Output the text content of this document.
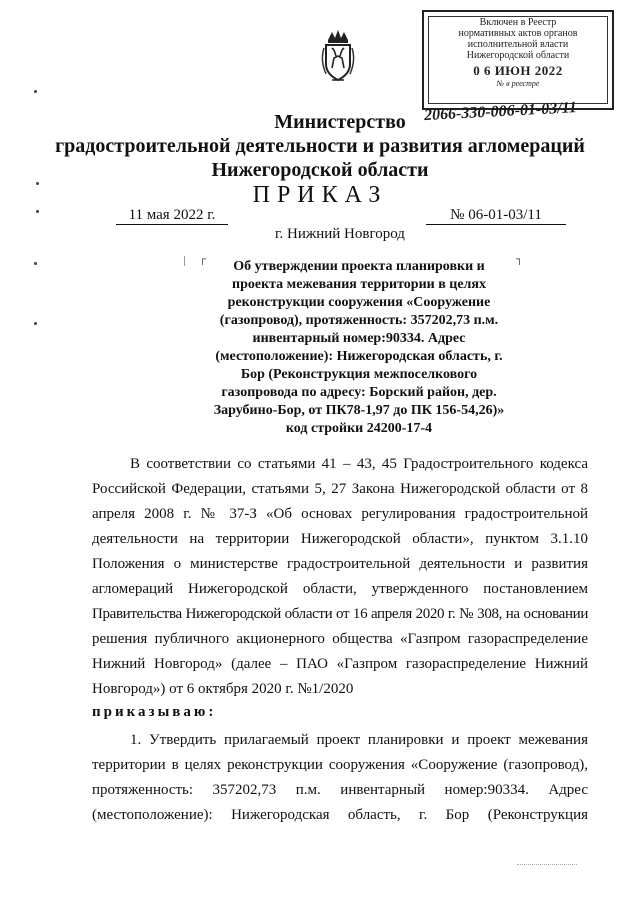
Включен в Реестр
нормативных актов органов
исполнительной власти
Нижегородской области
0 6 ИЮН 2022
№ в реестре
2066-330-006-01-03/11
Министерство
градостроительной деятельности и развития агломераций
Нижегородской области
ПРИКАЗ
11 мая 2022 г.	№ 06-01-03/11
г. Нижний Новгород
┌	┐
Об утверждении проекта планировки и
проекта межевания территории в целях
реконструкции сооружения «Сооружение
(газопровод), протяженность: 357202,73 п.м.
инвентарный номер:90334. Адрес
(местоположение): Нижегородская область, г.
Бор (Реконструкция межпоселкового
газопровода по адресу: Борский район, дер.
Зарубино-Бор, от ПК78-1,97 до ПК 156-54,26)»
код стройки 24200-17-4
В соответствии со статьями 41 – 43, 45 Градостроительного кодекса
Российской Федерации, статьями 5, 27 Закона Нижегородской области от 8
апреля 2008 г. № 37-З «Об основах регулирования градостроительной
деятельности на территории Нижегородской области», пунктом 3.1.10
Положения о министерстве градостроительной деятельности и развития
агломераций Нижегородской области, утвержденного постановлением
Правительства Нижегородской области от 16 апреля 2020 г. № 308, на основании
решения публичного акционерного общества «Газпром газораспределение
Нижний Новгород» (далее – ПАО «Газпром газораспределение Нижний
Новгород») от 6 октября 2020 г. №1/2020
приказываю:
1. Утвердить прилагаемый проект планировки и проект межевания
территории в целях реконструкции сооружения «Сооружение (газопровод),
протяженность: 357202,73 п.м. инвентарный номер:90334. Адрес
(местоположение): Нижегородская область, г. Бор (Реконструкция
